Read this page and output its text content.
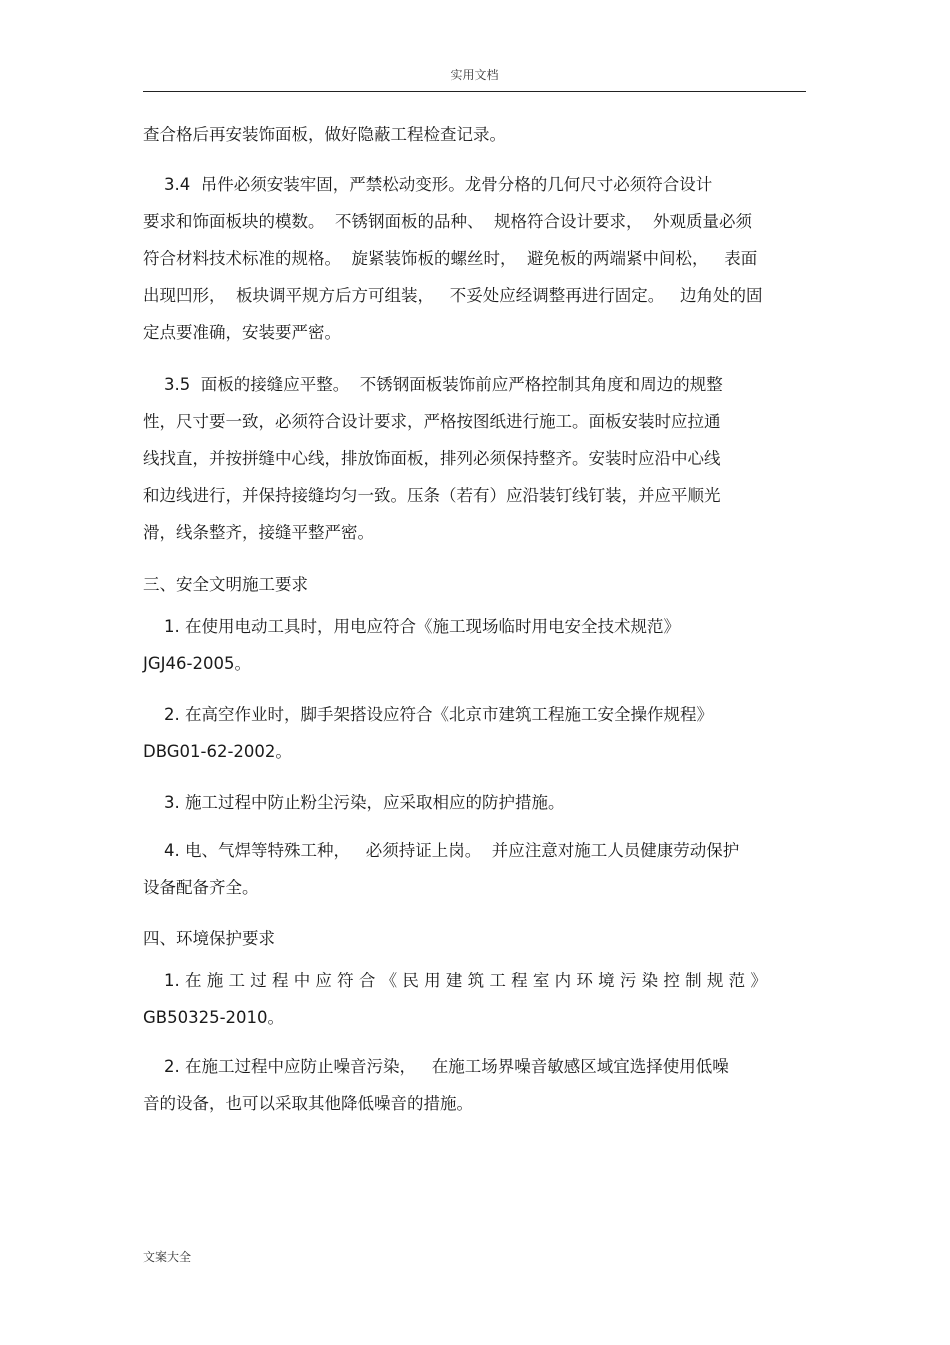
实用文档
查合格后再安装饰面板，做好隐蔽工程检查记录。
3.4  吊件必须安装牢固，严禁松动变形。龙骨分格的几何尺寸必须符合设计
要求和饰面板块的模数。  不锈钢面板的品种、  规格符合设计要求，  外观质量必须
符合材料技术标准的规格。  旋紧装饰板的螺丝时，  避免板的两端紧中间松，   表面
出现凹形，  板块调平规方后方可组装，   不妥处应经调整再进行固定。   边角处的固
定点要准确，安装要严密。
3.5  面板的接缝应平整。  不锈钢面板装饰前应严格控制其角度和周边的规整
性，尺寸要一致，必须符合设计要求，严格按图纸进行施工。面板安装时应拉通
线找直，并按拼缝中心线，排放饰面板，排列必须保持整齐。安装时应沿中心线
和边线进行，并保持接缝均匀一致。压条（若有）应沿装钉线钉装，并应平顺光
滑，线条整齐，接缝平整严密。
三、安全文明施工要求
1. 在使用电动工具时，用电应符合《施工现场临时用电安全技术规范》
JGJ46-2005。
2. 在高空作业时，脚手架搭设应符合《北京市建筑工程施工安全操作规程》
DBG01-62-2002。
3. 施工过程中防止粉尘污染，应采取相应的防护措施。
4. 电、气焊等特殊工种，   必须持证上岗。  并应注意对施工人员健康劳动保护
设备配备齐全。
四、环境保护要求
1. 在 施 工 过 程 中 应 符 合 《 民 用 建 筑 工 程 室 内 环 境 污 染 控 制 规 范 》
GB50325-2010。
2. 在施工过程中应防止噪音污染，   在施工场界噪音敏感区域宜选择使用低噪
音的设备，也可以采取其他降低噪音的措施。
文案大全
